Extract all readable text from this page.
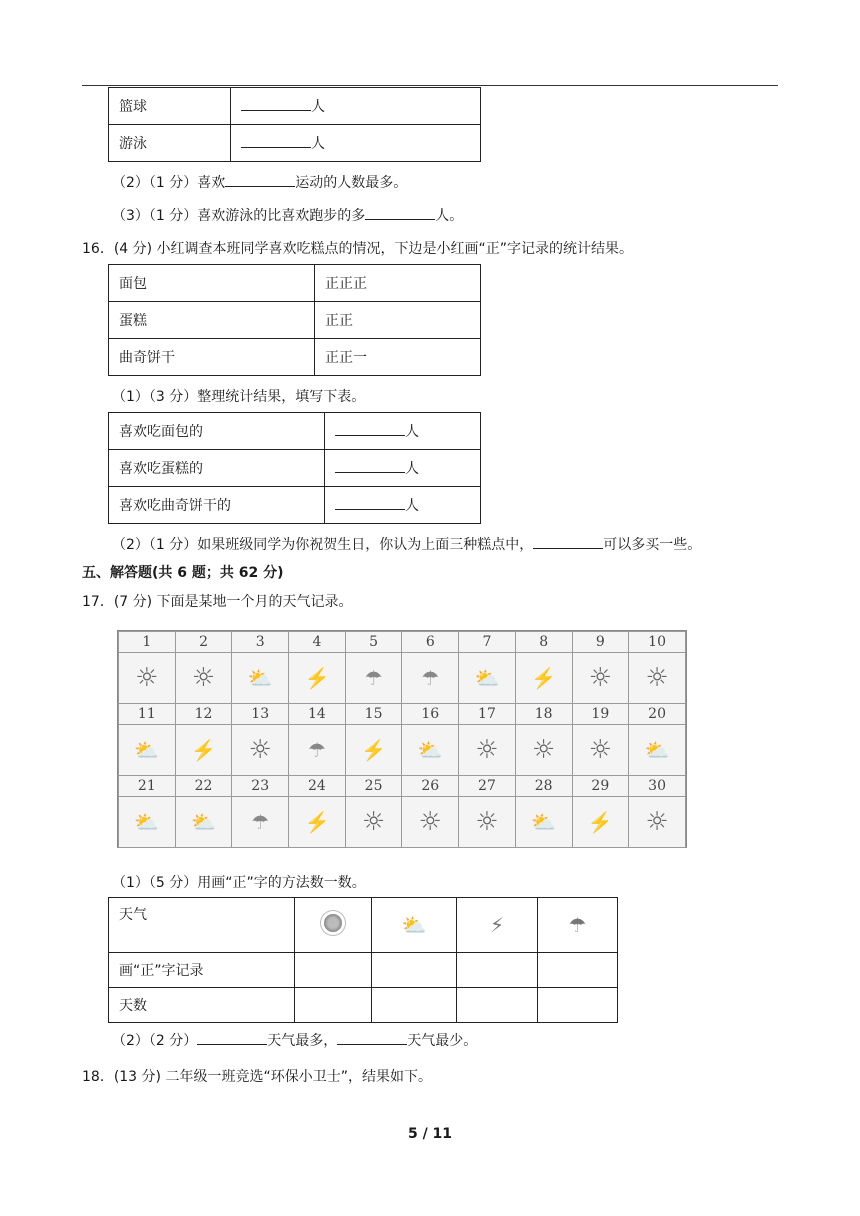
篮球	人
游泳	人
（2）（1 分）喜欢	运动的人数最多。
（3）（1 分）喜欢游泳的比喜欢跑步的多	人。
16．(4 分) 小红调查本班同学喜欢吃糕点的情况，下边是小红画“正”字记录的统计结果。
面包	正正正
蛋糕	正正
曲奇饼干	正正一
（1）（3 分）整理统计结果，填写下表。
喜欢吃面包的	人
喜欢吃蛋糕的	人
喜欢吃曲奇饼干的	人
（2）（1 分）如果班级同学为你祝贺生日，你认为上面三种糕点中，	可以多买一些。
五、解答题(共 6 题；共 62 分)
17．(7 分) 下面是某地一个月的天气记录。
1	2	3	4	5	6	7	8	9	10
☼	☼	⛅	⚡	☂	☂	⛅	⚡	☼	☼
11	12	13	14	15	16	17	18	19	20
⛅	⚡	☼	☂	⚡	⛅	☼	☼	☼	⛅
21	22	23	24	25	26	27	28	29	30
⛅	⛅	☂	⚡	☼	☼	☼	⛅	⚡	☼
（1）（5 分）用画“正”字的方法数一数。
天气		⛅	⚡	☂
画“正”字记录				
天数				
（2）（2 分）	天气最多，	天气最少。
18．(13 分) 二年级一班竞选“环保小卫士”，结果如下。
5 / 11
